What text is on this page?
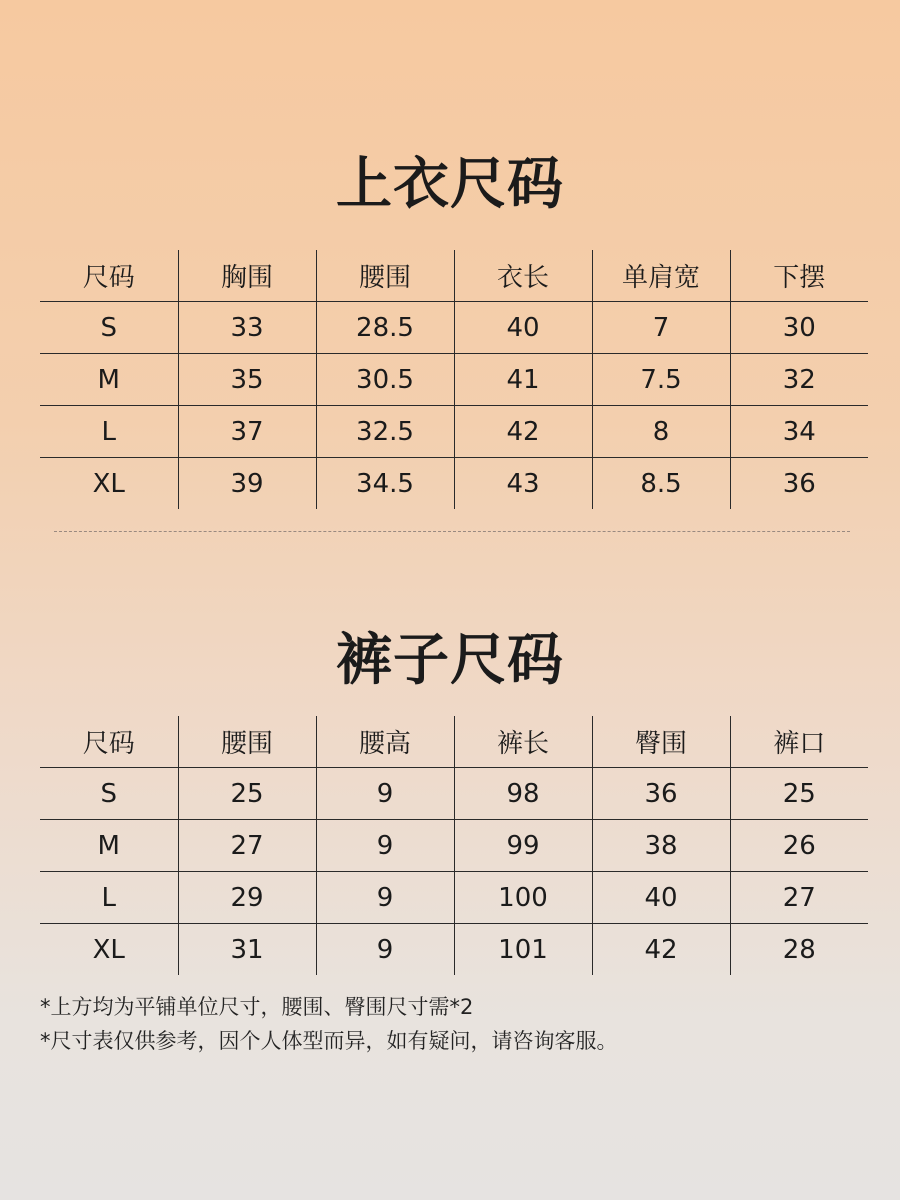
上衣尺码
尺码	胸围	腰围	衣长	单肩宽	下摆
S	33	28.5	40	7	30
M	35	30.5	41	7.5	32
L	37	32.5	42	8	34
XL	39	34.5	43	8.5	36
裤子尺码
尺码	腰围	腰高	裤长	臀围	裤口
S	25	9	98	36	25
M	27	9	99	38	26
L	29	9	100	40	27
XL	31	9	101	42	28

*上方均为平铺单位尺寸，腰围、臀围尺寸需*2

*尺寸表仅供参考，因个人体型而异，如有疑问，请咨询客服。
